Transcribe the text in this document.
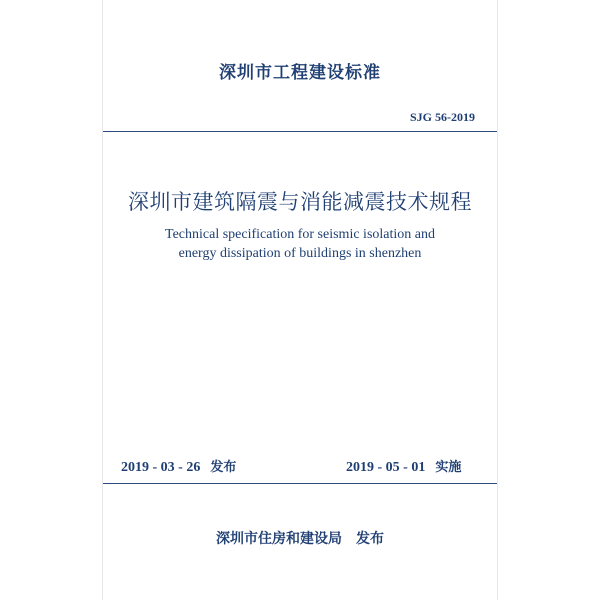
深圳市工程建设标准
SJG 56-2019
深圳市建筑隔震与消能减震技术规程
Technical specification for seismic isolation and
energy dissipation of buildings in shenzhen
2019 - 03 - 26 发布	2019 - 05 - 01 实施
深圳市住房和建设局 发布
